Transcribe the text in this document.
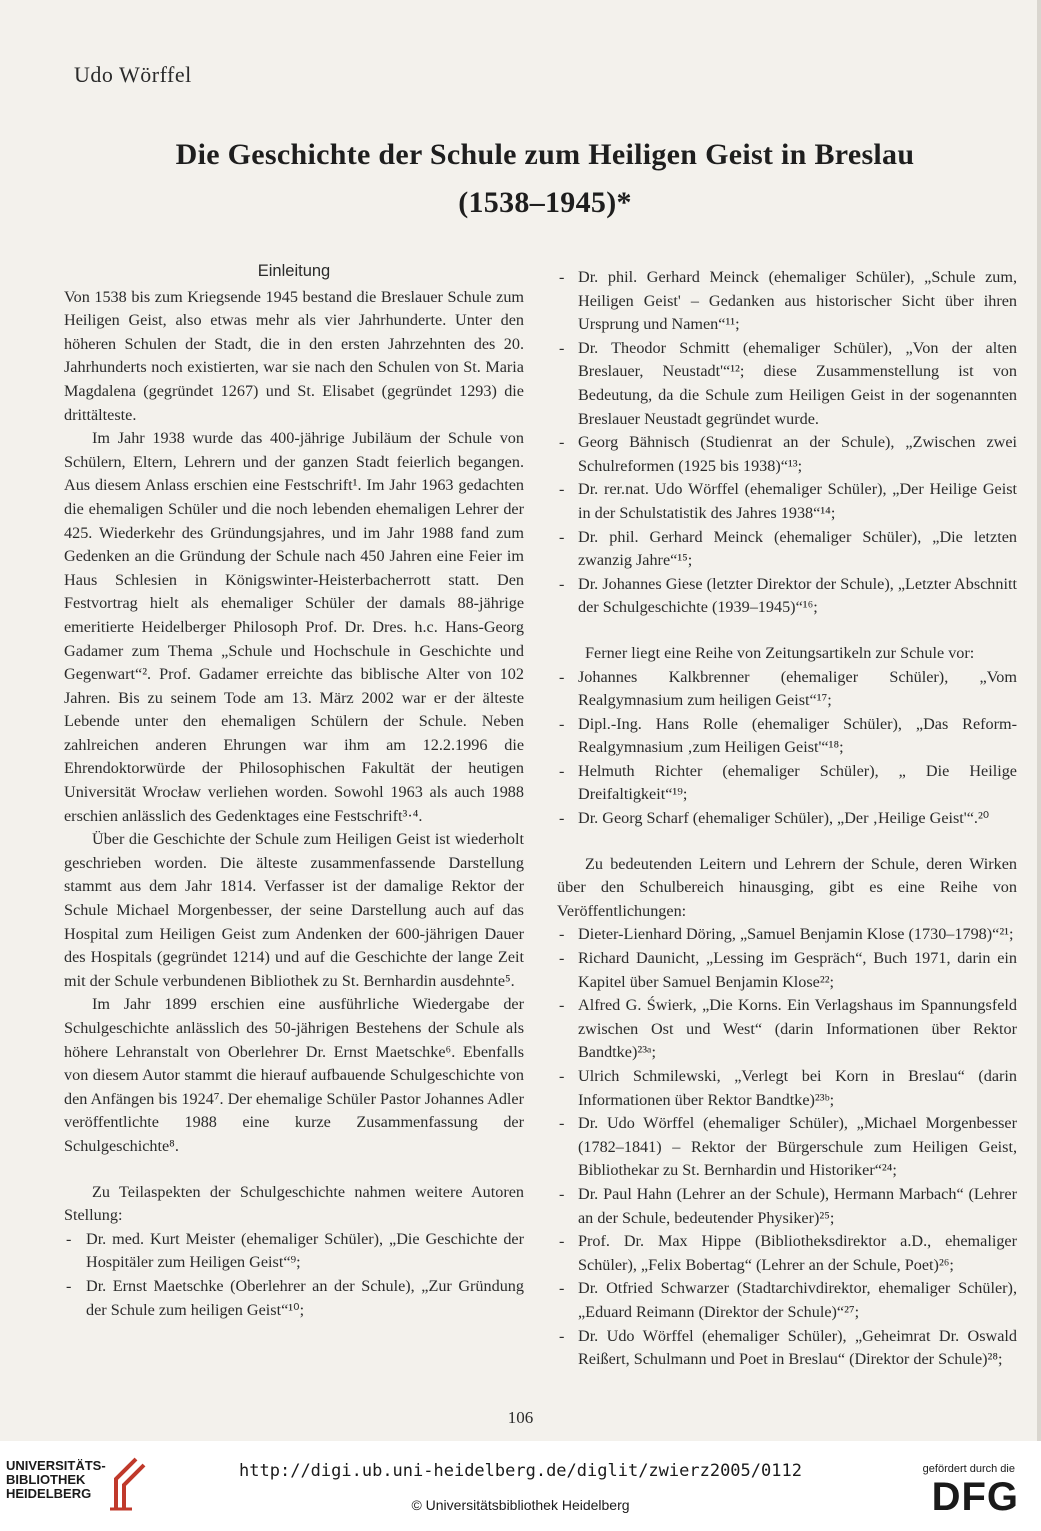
Udo Wörffel
Die Geschichte der Schule zum Heiligen Geist in Breslau
(1538–1945)*
Einleitung

Von 1538 bis zum Kriegsende 1945 bestand die Breslauer Schule zum Heiligen Geist, also etwas mehr als vier Jahrhunderte. Unter den höheren Schulen der Stadt, die in den ersten Jahrzehnten des 20. Jahrhunderts noch existierten, war sie nach den Schulen von St. Maria Magdalena (gegründet 1267) und St. Elisabet (gegründet 1293) die drittälteste.

Im Jahr 1938 wurde das 400-jährige Jubiläum der Schule von Schülern, Eltern, Lehrern und der ganzen Stadt feierlich begangen. Aus diesem Anlass erschien eine Festschrift¹. Im Jahr 1963 gedachten die ehemaligen Schüler und die noch lebenden ehemaligen Lehrer der 425. Wiederkehr des Gründungsjahres, und im Jahr 1988 fand zum Gedenken an die Gründung der Schule nach 450 Jahren eine Feier im Haus Schlesien in Königswinter-Heisterbacherrott statt. Den Festvortrag hielt als ehemaliger Schüler der damals 88-jährige emeritierte Heidelberger Philosoph Prof. Dr. Dres. h.c. Hans-Georg Gadamer zum Thema „Schule und Hochschule in Geschichte und Gegenwart“². Prof. Gadamer erreichte das biblische Alter von 102 Jahren. Bis zu seinem Tode am 13. März 2002 war er der älteste Lebende unter den ehemaligen Schülern der Schule. Neben zahlreichen anderen Ehrungen war ihm am 12.2.1996 die Ehrendoktorwürde der Philosophischen Fakultät der heutigen Universität Wrocław verliehen worden. Sowohl 1963 als auch 1988 erschien anlässlich des Gedenktages eine Festschrift³·⁴.

Über die Geschichte der Schule zum Heiligen Geist ist wiederholt geschrieben worden. Die älteste zusammenfassende Darstellung stammt aus dem Jahr 1814. Verfasser ist der damalige Rektor der Schule Michael Morgenbesser, der seine Darstellung auch auf das Hospital zum Heiligen Geist zum Andenken der 600-jährigen Dauer des Hospitals (gegründet 1214) und auf die Geschichte der lange Zeit mit der Schule verbundenen Bibliothek zu St. Bernhardin ausdehnte⁵.

Im Jahr 1899 erschien eine ausführliche Wiedergabe der Schulgeschichte anlässlich des 50-jährigen Bestehens der Schule als höhere Lehranstalt von Oberlehrer Dr. Ernst Maetschke⁶. Ebenfalls von diesem Autor stammt die hierauf aufbauende Schulgeschichte von den Anfängen bis 1924⁷. Der ehemalige Schüler Pastor Johannes Adler veröffentlichte 1988 eine kurze Zusammenfassung der Schulgeschichte⁸.

Zu Teilaspekten der Schulgeschichte nahmen weitere Autoren Stellung:

- Dr. med. Kurt Meister (ehemaliger Schüler), „Die Geschichte der Hospitäler zum Heiligen Geist“⁹;
- Dr. Ernst Maetschke (Oberlehrer an der Schule), „Zur Gründung der Schule zum heiligen Geist“¹⁰;
- Dr. phil. Gerhard Meinck (ehemaliger Schüler), „Schule zum, Heiligen Geist' – Gedanken aus historischer Sicht über ihren Ursprung und Namen“¹¹;
- Dr. Theodor Schmitt (ehemaliger Schüler), „Von der alten Breslauer, Neustadt'“¹²; diese Zusammenstellung ist von Bedeutung, da die Schule zum Heiligen Geist in der sogenannten Breslauer Neustadt gegründet wurde.
- Georg Bähnisch (Studienrat an der Schule), „Zwischen zwei Schulreformen (1925 bis 1938)“¹³;
- Dr. rer.nat. Udo Wörffel (ehemaliger Schüler), „Der Heilige Geist in der Schulstatistik des Jahres 1938“¹⁴;
- Dr. phil. Gerhard Meinck (ehemaliger Schüler), „Die letzten zwanzig Jahre“¹⁵;
- Dr. Johannes Giese (letzter Direktor der Schule), „Letzter Abschnitt der Schulgeschichte (1939–1945)“¹⁶;

Ferner liegt eine Reihe von Zeitungsartikeln zur Schule vor:

- Johannes Kalkbrenner (ehemaliger Schüler), „Vom Realgymnasium zum heiligen Geist“¹⁷;
- Dipl.-Ing. Hans Rolle (ehemaliger Schüler), „Das Reform-Realgymnasium ‚zum Heiligen Geist'“¹⁸;
- Helmuth Richter (ehemaliger Schüler), „ Die Heilige Dreifaltigkeit“¹⁹;
- Dr. Georg Scharf (ehemaliger Schüler), „Der ‚Heilige Geist'“.²⁰

Zu bedeutenden Leitern und Lehrern der Schule, deren Wirken über den Schulbereich hinausging, gibt es eine Reihe von Veröffentlichungen:

- Dieter-Lienhard Döring, „Samuel Benjamin Klose (1730–1798)“²¹;
- Richard Daunicht, „Lessing im Gespräch“, Buch 1971, darin ein Kapitel über Samuel Benjamin Klose²²;
- Alfred G. Świerk, „Die Korns. Ein Verlagshaus im Spannungsfeld zwischen Ost und West“ (darin Informationen über Rektor Bandtke)²³ᵃ;
- Ulrich Schmilewski, „Verlegt bei Korn in Breslau“ (darin Informationen über Rektor Bandtke)²³ᵇ;
- Dr. Udo Wörffel (ehemaliger Schüler), „Michael Morgenbesser (1782–1841) – Rektor der Bürgerschule zum Heiligen Geist, Bibliothekar zu St. Bernhardin und Historiker“²⁴;
- Dr. Paul Hahn (Lehrer an der Schule), Hermann Marbach“ (Lehrer an der Schule, bedeutender Physiker)²⁵;
- Prof. Dr. Max Hippe (Bibliotheksdirektor a.D., ehemaliger Schüler), „Felix Bobertag“ (Lehrer an der Schule, Poet)²⁶;
- Dr. Otfried Schwarzer (Stadtarchivdirektor, ehemaliger Schüler), „Eduard Reimann (Direktor der Schule)“²⁷;
- Dr. Udo Wörffel (ehemaliger Schüler), „Geheimrat Dr. Oswald Reißert, Schulmann und Poet in Breslau“ (Direktor der Schule)²⁸;
106
UNIVERSITÄTS-
BIBLIOTHEK
HEIDELBERG
http://digi.ub.uni-heidelberg.de/diglit/zwierz2005/0112
© Universitätsbibliothek Heidelberg
gefördert durch die
DFG
